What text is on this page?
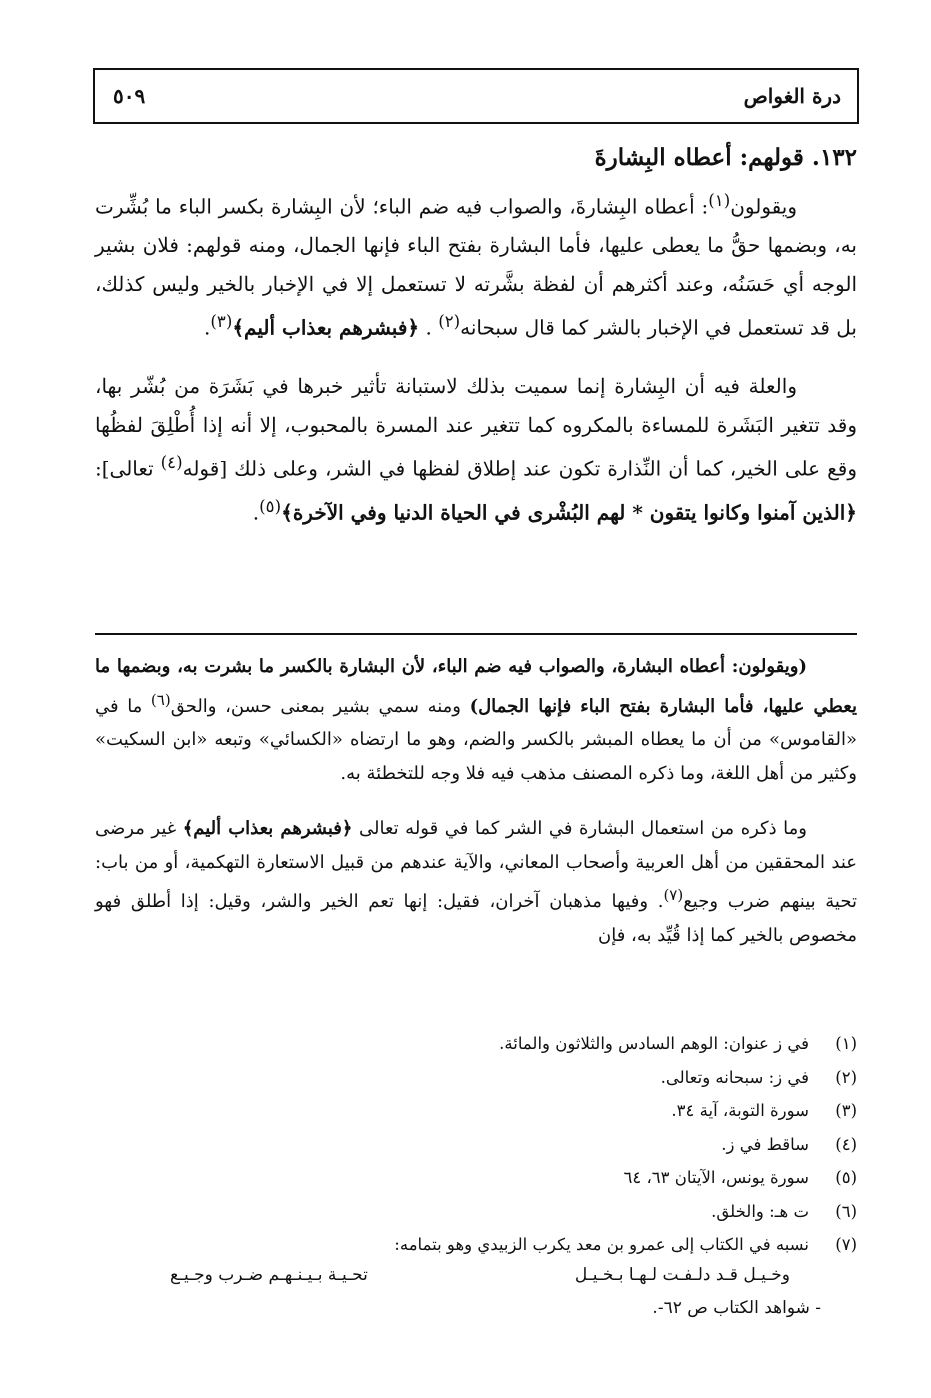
درة الغواص
٥٠٩
١٣٢. قولهم: أعطاه البِشارةَ

ويقولون$^{(١)}$: أعطاه البِشارةَ، والصواب فيه ضم الباء؛ لأن البِشارة بكسر الباء ما بُشِّرت به، وبضمها حقُّ ما يعطى عليها، فأما البشارة بفتح الباء فإنها الجمال، ومنه قولهم: فلان بشير الوجه أي حَسَنُه، وعند أكثرهم أن لفظة بشَّرته لا تستعمل إلا في الإخبار بالخير وليس كذلك، بل قد تستعمل في الإخبار بالشر كما قال سبحانه$^{(٢)}$ . ﴿فبشرهم بعذاب أليم﴾$^{(٣)}$.

والعلة فيه أن البِشارة إنما سميت بذلك لاستبانة تأثير خبرها في بَشَرَة من بُشّر بها، وقد تتغير البَشَرة للمساءة بالمكروه كما تتغير عند المسرة بالمحبوب، إلا أنه إذا أُطْلِقَ لفظُها وقع على الخير، كما أن النِّذارة تكون عند إطلاق لفظها في الشر، وعلى ذلك [قوله$^{(٤)}$ تعالى]: ﴿الذين آمنوا وكانوا يتقون * لهم البُشْرى في الحياة الدنيا وفي الآخرة﴾$^{(٥)}$.

(ويقولون: أعطاه البشارة، والصواب فيه ضم الباء، لأن البشارة بالكسر ما بشرت به، وبضمها ما يعطي عليها، فأما البشارة بفتح الباء فإنها الجمال) ومنه سمي بشير بمعنى حسن، والحق$^{(٦)}$ ما في «القاموس» من أن ما يعطاه المبشر بالكسر والضم، وهو ما ارتضاه «الكسائي» وتبعه «ابن السكيت» وكثير من أهل اللغة، وما ذكره المصنف مذهب فيه فلا وجه للتخطئة به.

وما ذكره من استعمال البشارة في الشر كما في قوله تعالى ﴿فبشرهم بعذاب أليم﴾ غير مرضى عند المحققين من أهل العربية وأصحاب المعاني، والآية عندهم من قبيل الاستعارة التهكمية، أو من باب: تحية بينهم ضرب وجيع$^{(٧)}$. وفيها مذهبان آخران، فقيل: إنها تعم الخير والشر، وقيل: إذا أطلق فهو مخصوص بالخير كما إذا قُيِّد به، فإن

(١)في ز عنوان: الوهم السادس والثلاثون والمائة.
(٢)في ز: سبحانه وتعالى.
(٣)سورة التوبة، آية ٣٤.
(٤)ساقط في ز.
(٥)سورة يونس، الآيتان ٦٣، ٦٤
(٦)ت هـ: والخلق.
(٧)نسبه في الكتاب إلى عمرو بن معد يكرب الزبيدي وهو بتمامه:
وخـيـل قـد دلـفـت لـهـا بـخـيـل
تحـيـة بـيـنـهـم ضـرب وجـيـع
- شواهد الكتاب ص ٦٢-.
